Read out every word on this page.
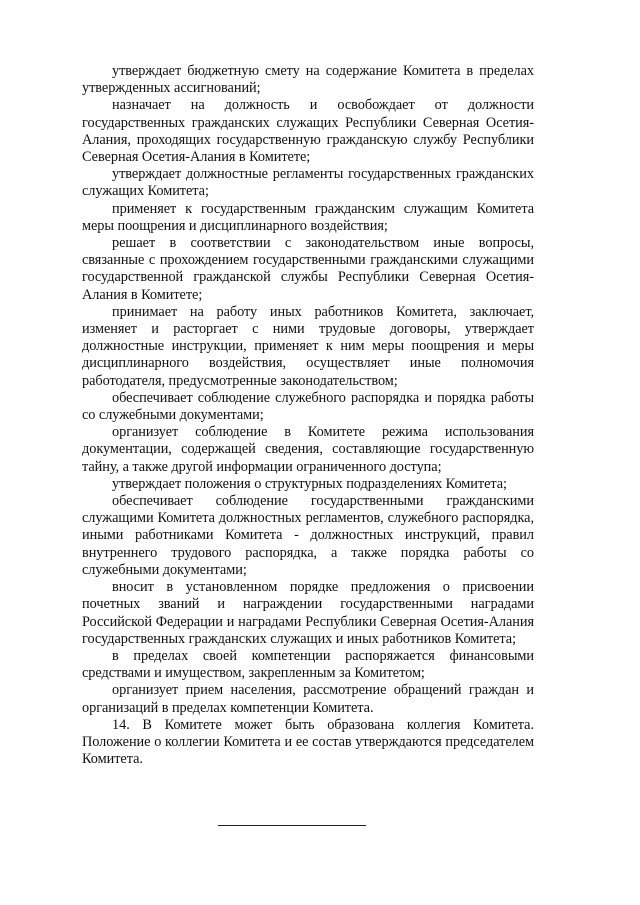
утверждает бюджетную смету на содержание Комитета в пределах утвержденных ассигнований;

назначает на должность и освобождает от должности государственных гражданских служащих Республики Северная Осетия-Алания, проходящих государственную гражданскую службу Республики Северная Осетия-Алания в Комитете;

утверждает должностные регламенты государственных гражданских служащих Комитета;

применяет к государственным гражданским служащим Комитета меры поощрения и дисциплинарного воздействия;

решает в соответствии с законодательством иные вопросы, связанные с прохождением государственными гражданскими служащими государственной гражданской службы Республики Северная Осетия-Алания в Комитете;

принимает на работу иных работников Комитета, заключает, изменяет и расторгает с ними трудовые договоры, утверждает должностные инструкции, применяет к ним меры поощрения и меры дисциплинарного воздействия, осуществляет иные полномочия работодателя, предусмотренные законодательством;

обеспечивает соблюдение служебного распорядка и порядка работы со служебными документами;

организует соблюдение в Комитете режима использования документации, содержащей сведения, составляющие государственную тайну, а также другой информации ограниченного доступа;

утверждает положения о структурных подразделениях Комитета;

обеспечивает соблюдение государственными гражданскими служащими Комитета должностных регламентов, служебного распорядка, иными работниками Комитета - должностных инструкций, правил внутреннего трудового распорядка, а также порядка работы со служебными документами;

вносит в установленном порядке предложения о присвоении почетных званий и награждении государственными наградами Российской Федерации и наградами Республики Северная Осетия-Алания государственных гражданских служащих и иных работников Комитета;

в пределах своей компетенции распоряжается финансовыми средствами и имуществом, закрепленным за Комитетом;

организует прием населения, рассмотрение обращений граждан и организаций в пределах компетенции Комитета.

14. В Комитете может быть образована коллегия Комитета. Положение о коллегии Комитета и ее состав утверждаются председателем Комитета.
